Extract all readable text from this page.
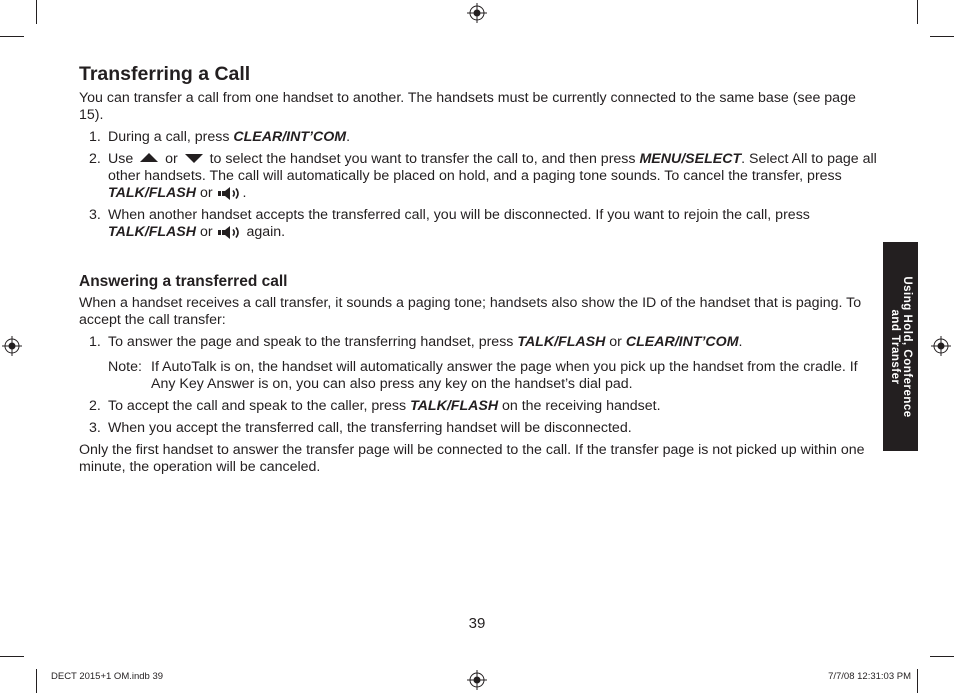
Transferring a Call

You can transfer a call from one handset to another. The handsets must be currently connected to the same base (see page 15).

1. During a call, press CLEAR/INT’COM.
2. Use  or  to select the handset you want to transfer the call to, and then press MENU/SELECT. Select All to page all other handsets. The call will automatically be placed on hold, and a paging tone sounds. To cancel the transfer, press TALK/FLASH or .
3. When another handset accepts the transferred call, you will be disconnected. If you want to rejoin the call, press TALK/FLASH or  again.
Answering a transferred call

When a handset receives a call transfer, it sounds a paging tone; handsets also show the ID of the handset that is paging. To accept the call transfer:

1. To answer the page and speak to the transferring handset, press TALK/FLASH or CLEAR/INT’COM.
Note: If AutoTalk is on, the handset will automatically answer the page when you pick up the handset from the cradle. If Any Key Answer is on, you can also press any key on the handset’s dial pad.
2. To accept the call and speak to the caller, press TALK/FLASH on the receiving handset.
3. When you accept the transferred call, the transferring handset will be disconnected.

Only the first handset to answer the transfer page will be connected to the call. If the transfer page is not picked up within one minute, the operation will be canceled.

Using Hold, Conference
and Transfer
39
DECT 2015+1 OM.indb 39	7/7/08 12:31:03 PM
